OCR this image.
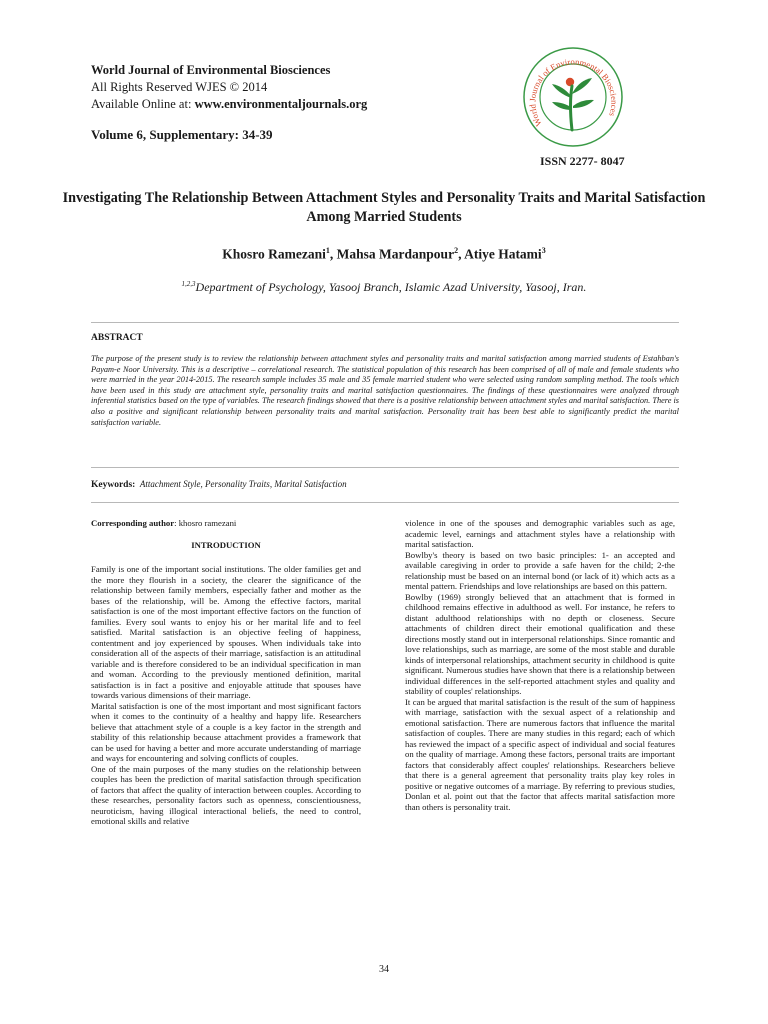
World Journal of Environmental Biosciences
All Rights Reserved WJES © 2014
Available Online at: www.environmentaljournals.org
Volume 6, Supplementary: 34-39
World Journal of Environmental Biosciences
ISSN 2277- 8047
Investigating The Relationship Between Attachment Styles and Personality Traits and Marital Satisfaction Among Married Students
Khosro Ramezani$^1$, Mahsa Mardanpour$^2$, Atiye Hatami$^3$
$^{1,2,3}$Department of Psychology, Yasooj Branch, Islamic Azad University, Yasooj, Iran.
ABSTRACT
The purpose of the present study is to review the relationship between attachment styles and personality traits and marital satisfaction among married students of Estahban's Payam-e Noor University. This is a descriptive – correlational research. The statistical population of this research has been comprised of all of male and female students who were married in the year 2014-2015. The research sample includes 35 male and 35 female married student who were selected using random sampling method. The tools which have been used in this study are attachment style, personality traits and marital satisfaction questionnaires. The findings of these questionnaires were analyzed through inferential statistics based on the type of variables. The research findings showed that there is a positive relationship between attachment styles and marital satisfaction. There is also a positive and significant relationship between personality traits and marital satisfaction. Personality trait has been best able to significantly predict the marital satisfaction variable.
Keywords: Attachment Style, Personality Traits, Marital Satisfaction

Corresponding author: khosro ramezani

INTRODUCTION

Family is one of the important social institutions. The older families get and the more they flourish in a society, the clearer the significance of the relationship between family members, especially father and mother as the bases of the relationship, will be. Among the effective factors, marital satisfaction is one of the most important effective factors on the function of families. Every soul wants to enjoy his or her marital life and to feel satisfied. Marital satisfaction is an objective feeling of happiness, contentment and joy experienced by spouses. When individuals take into consideration all of the aspects of their marriage, satisfaction is an attitudinal variable and is therefore considered to be an individual specification in man and woman. According to the previously mentioned definition, marital satisfaction is in fact a positive and enjoyable attitude that spouses have towards various dimensions of their marriage.

Marital satisfaction is one of the most important and most significant factors when it comes to the continuity of a healthy and happy life. Researchers believe that attachment style of a couple is a key factor in the strength and stability of this relationship because attachment provides a framework that can be used for having a better and more accurate understanding of marriage and ways for encountering and solving conflicts of couples.

One of the main purposes of the many studies on the relationship between couples has been the prediction of marital satisfaction through specification of factors that affect the quality of interaction between couples. According to these researches, personality factors such as openness, conscientiousness, neuroticism, having illogical interactional beliefs, the need to control, emotional skills and relative

violence in one of the spouses and demographic variables such as age, academic level, earnings and attachment styles have a relationship with marital satisfaction.

Bowlby's theory is based on two basic principles: 1- an accepted and available caregiving in order to provide a safe haven for the child; 2-the relationship must be based on an internal bond (or lack of it) which acts as a mental pattern. Friendships and love relationships are based on this pattern.

Bowlby (1969) strongly believed that an attachment that is formed in childhood remains effective in adulthood as well. For instance, he refers to distant adulthood relationships with no depth or closeness. Secure attachments of children direct their emotional qualification and these directions mostly stand out in interpersonal relationships. Since romantic and love relationships, such as marriage, are some of the most stable and durable kinds of interpersonal relationships, attachment security in childhood is quite significant. Numerous studies have shown that there is a relationship between individual differences in the self-reported attachment styles and quality and stability of couples' relationships.

It can be argued that marital satisfaction is the result of the sum of happiness with marriage, satisfaction with the sexual aspect of a relationship and emotional satisfaction. There are numerous factors that influence the marital satisfaction of couples. There are many studies in this regard; each of which has reviewed the impact of a specific aspect of individual and social features on the quality of marriage. Among these factors, personal traits are important factors that considerably affect couples' relationships. Researchers believe that there is a general agreement that personality traits play key roles in positive or negative outcomes of a marriage. By referring to previous studies, Donlan et al. point out that the factor that affects marital satisfaction more than others is personality trait.

34
